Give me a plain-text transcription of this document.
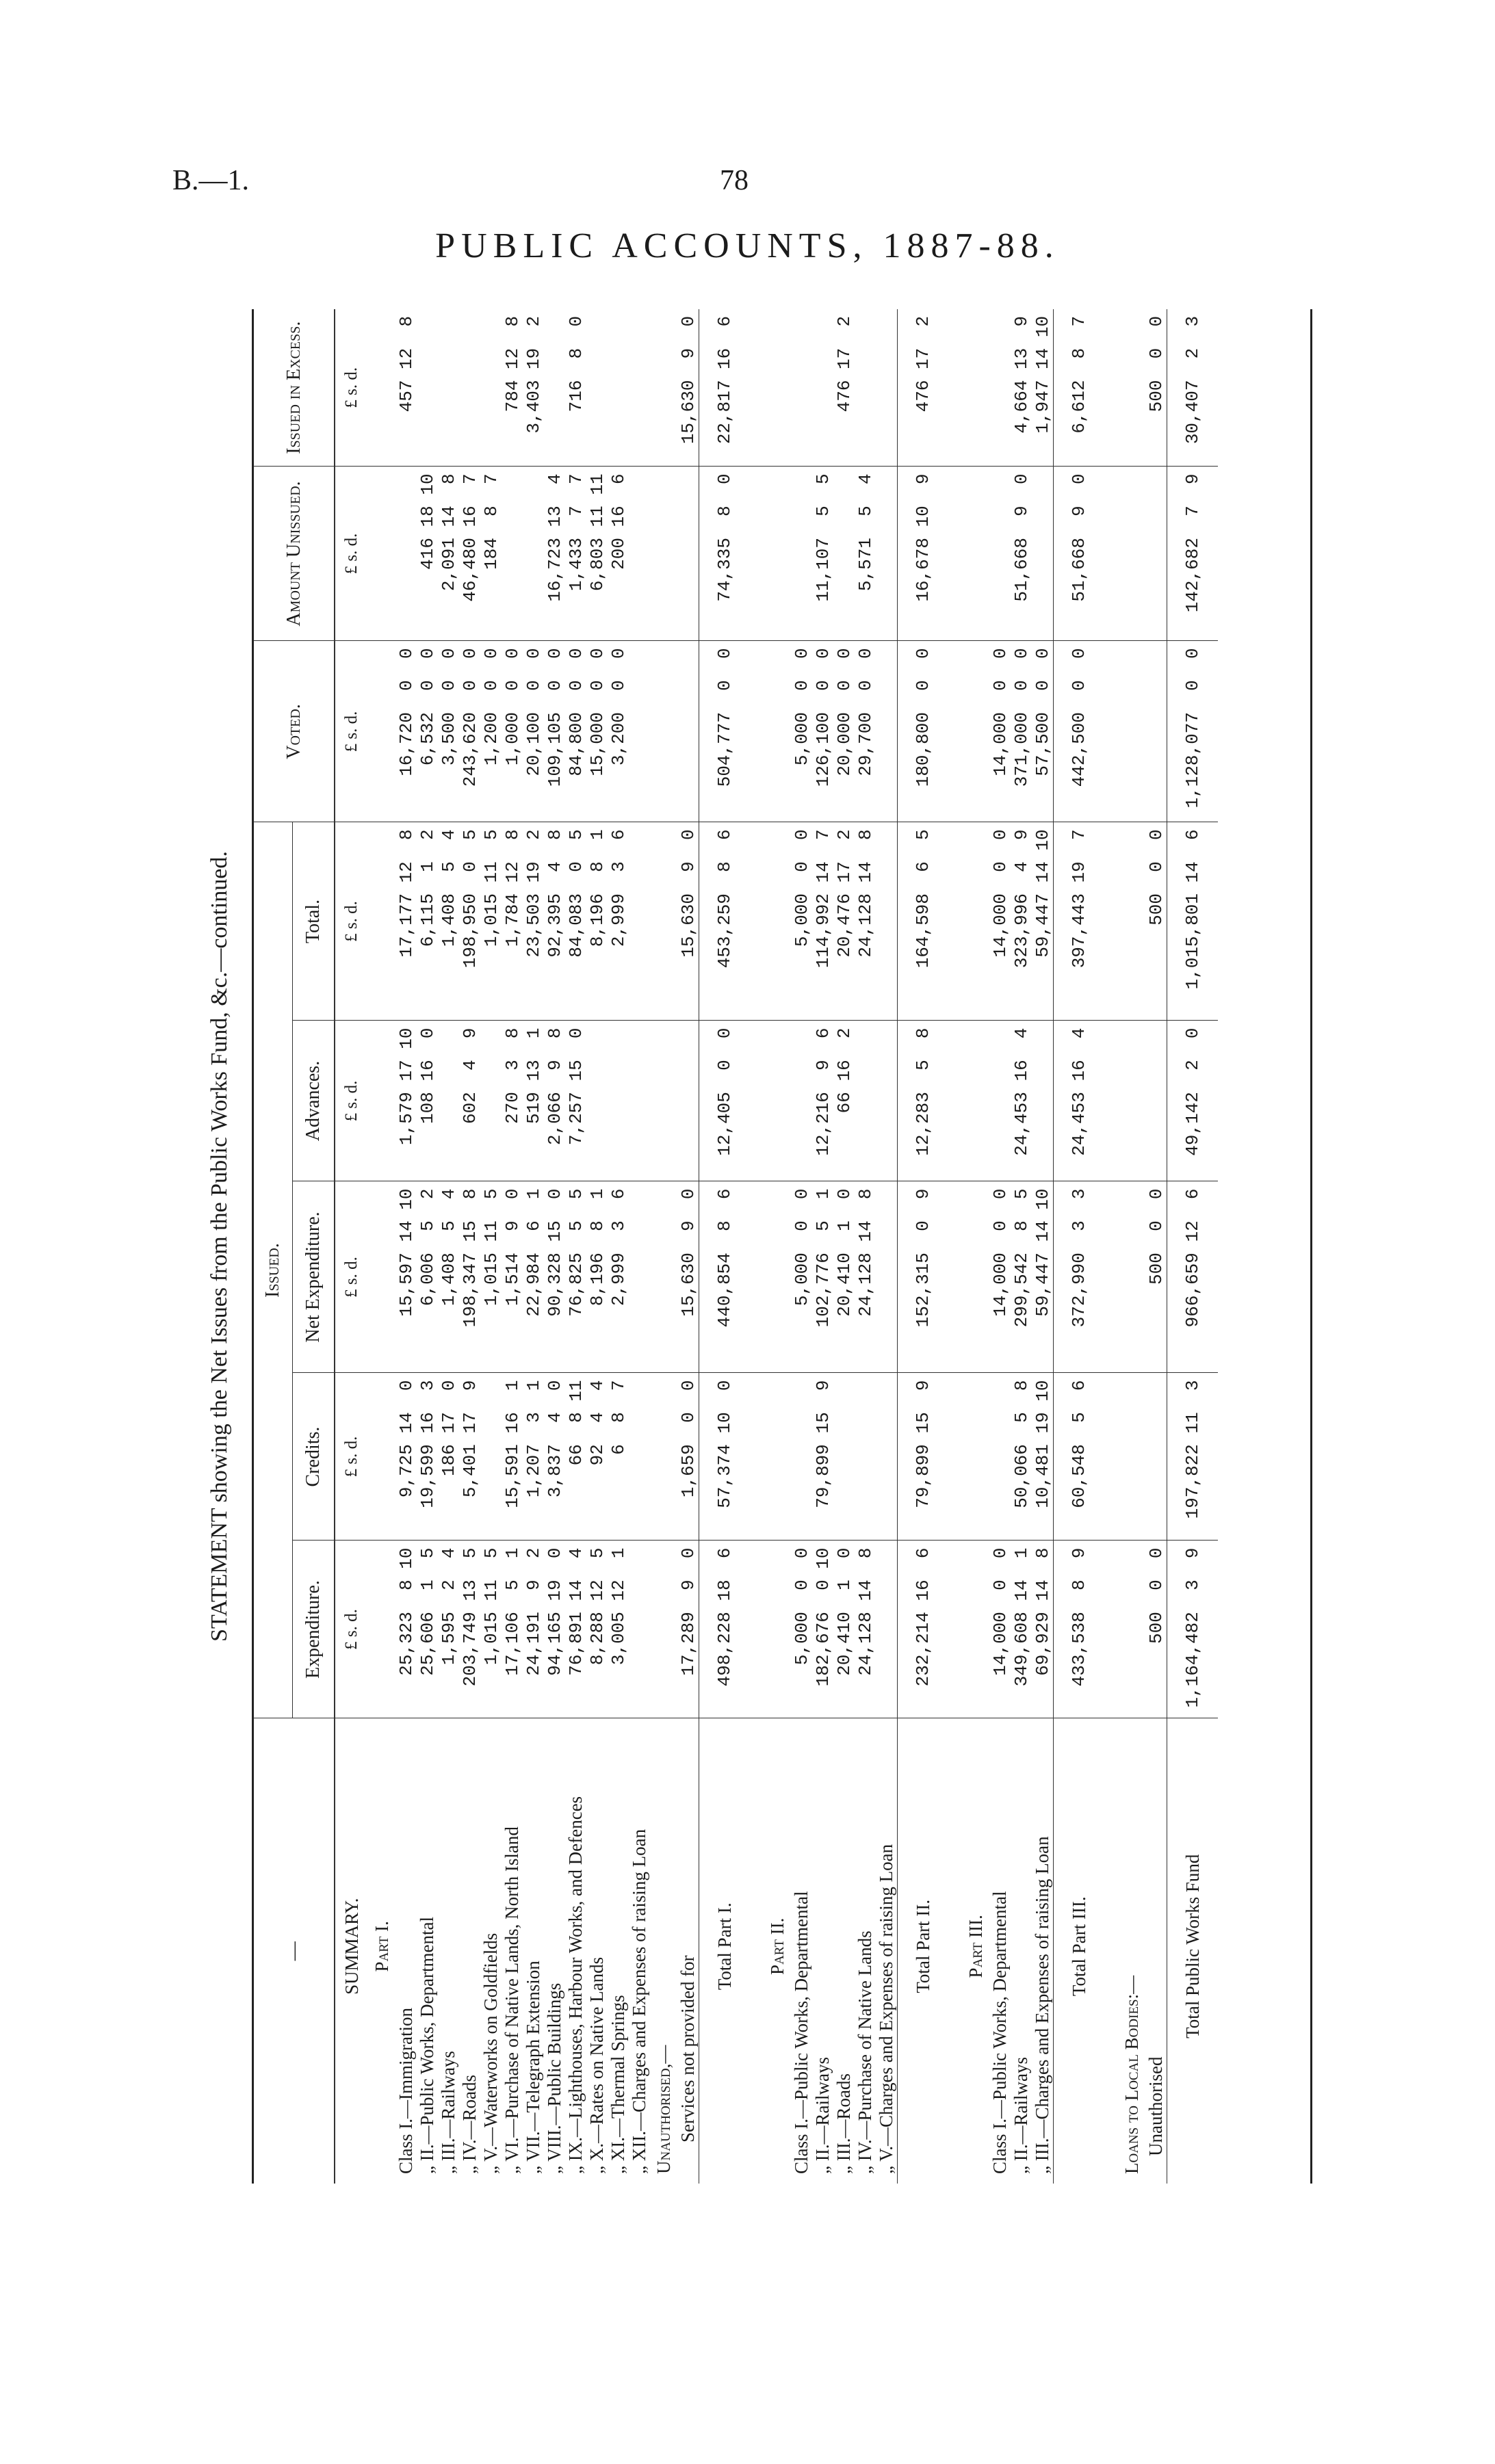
B.—1.	78
PUBLIC ACCOUNTS, 1887-88.
STATEMENT showing the Net Issues from the Public Works Fund, &c.—continued.
—	Issued.					Voted.	Amount Unissued.	Issued in Excess.
	Expenditure.	Credits.	Net Expenditure.	Advances.	Total.			
SUMMARY.	£ s. d.	£ s. d.	£ s. d.	£ s. d.	£ s. d.	£ s. d.	£ s. d.	£ s. d.
Part I.								
Class I.—Immigration	25,323  8 10	9,725 14  0	15,597 14 10	1,579 17 10	17,177 12  8	16,720  0  0		457 12  8
„ II.—Public Works, Departmental	25,606  1  5	19,599 16  3	6,006  5  2	108 16  0	6,115  1  2	6,532  0  0	416 18 10	
„ III.—Railways	1,595  2  4	186 17  0	1,408  5  4		1,408  5  4	3,500  0  0	2,091 14  8	
„ IV.—Roads	203,749 13  5	5,401 17  9	198,347 15  8	602  4  9	198,950  0  5	243,620  0  0	46,480 16  7	
„ V.—Waterworks on Goldfields	1,015 11  5		1,015 11  5		1,015 11  5	1,200  0  0	184  8  7	
„ VI.—Purchase of Native Lands, North Island	17,106  5  1	15,591 16  1	1,514  9  0	270  3  8	1,784 12  8	1,000  0  0		784 12  8
„ VII.—Telegraph Extension	24,191  9  2	1,207  3  1	22,984  6  1	519 13  1	23,503 19  2	20,100  0  0		3,403 19  2
„ VIII.—Public Buildings	94,165 19  0	3,837  4  0	90,328 15  0	2,066  9  8	92,395  4  8	109,105  0  0	16,723 13  4	
„ IX.—Lighthouses, Harbour Works, and Defences	76,891 14  4	66  8 11	76,825  5  5	7,257 15  0	84,083  0  5	84,800  0  0	1,433  7  7	716  8  0
„ X.—Rates on Native Lands	8,288 12  5	92  4  4	8,196  8  1		8,196  8  1	15,000  0  0	6,803 11 11	
„ XI.—Thermal Springs	3,005 12  1	6  8  7	2,999  3  6		2,999  3  6	3,200  0  0	200 16  6	
„ XII.—Charges and Expenses of raising Loan								
Unauthorised,—								
Services not provided for	17,289  9  0	1,659  0  0	15,630  9  0		15,630  9  0			15,630  9  0
Total Part I.	498,228 18  6	57,374 10  0	440,854  8  6	12,405  0  0	453,259  8  6	504,777  0  0	74,335  8  0	22,817 16  6

Part II.								
Class I.—Public Works, Departmental	5,000  0  0		5,000  0  0		5,000  0  0	5,000  0  0		
„ II.—Railways	182,676  0 10	79,899 15  9	102,776  5  1	12,216  9  6	114,992 14  7	126,100  0  0	11,107  5  5	
„ III.—Roads	20,410  1  0		20,410  1  0	66 16  2	20,476 17  2	20,000  0  0		476 17  2
„ IV.—Purchase of Native Lands	24,128 14  8		24,128 14  8		24,128 14  8	29,700  0  0	5,571  5  4	
„ V.—Charges and Expenses of raising Loan								
Total Part II.	232,214 16  6	79,899 15  9	152,315  0  9	12,283  5  8	164,598  6  5	180,800  0  0	16,678 10  9	476 17  2

Part III.								
Class I.—Public Works, Departmental	14,000  0  0		14,000  0  0		14,000  0  0	14,000  0  0		
„ II.—Railways	349,608 14  1	50,066  5  8	299,542  8  5	24,453 16  4	323,996  4  9	371,000  0  0	51,668  9  0	4,664 13  9
„ III.—Charges and Expenses of raising Loan	69,929 14  8	10,481 19 10	59,447 14 10		59,447 14 10	57,500  0  0		1,947 14 10
Total Part III.	433,538  8  9	60,548  5  6	372,990  3  3	24,453 16  4	397,443 19  7	442,500  0  0	51,668  9  0	6,612  8  7

Loans to Local Bodies:—								
Unauthorised	500  0  0		500  0  0		500  0  0			500  0  0
Total Public Works Fund	1,164,482  3  9	197,822 11  3	966,659 12  6	49,142  2  0	1,015,801 14  6	1,128,077  0  0	142,682  7  9	30,407  2  3
